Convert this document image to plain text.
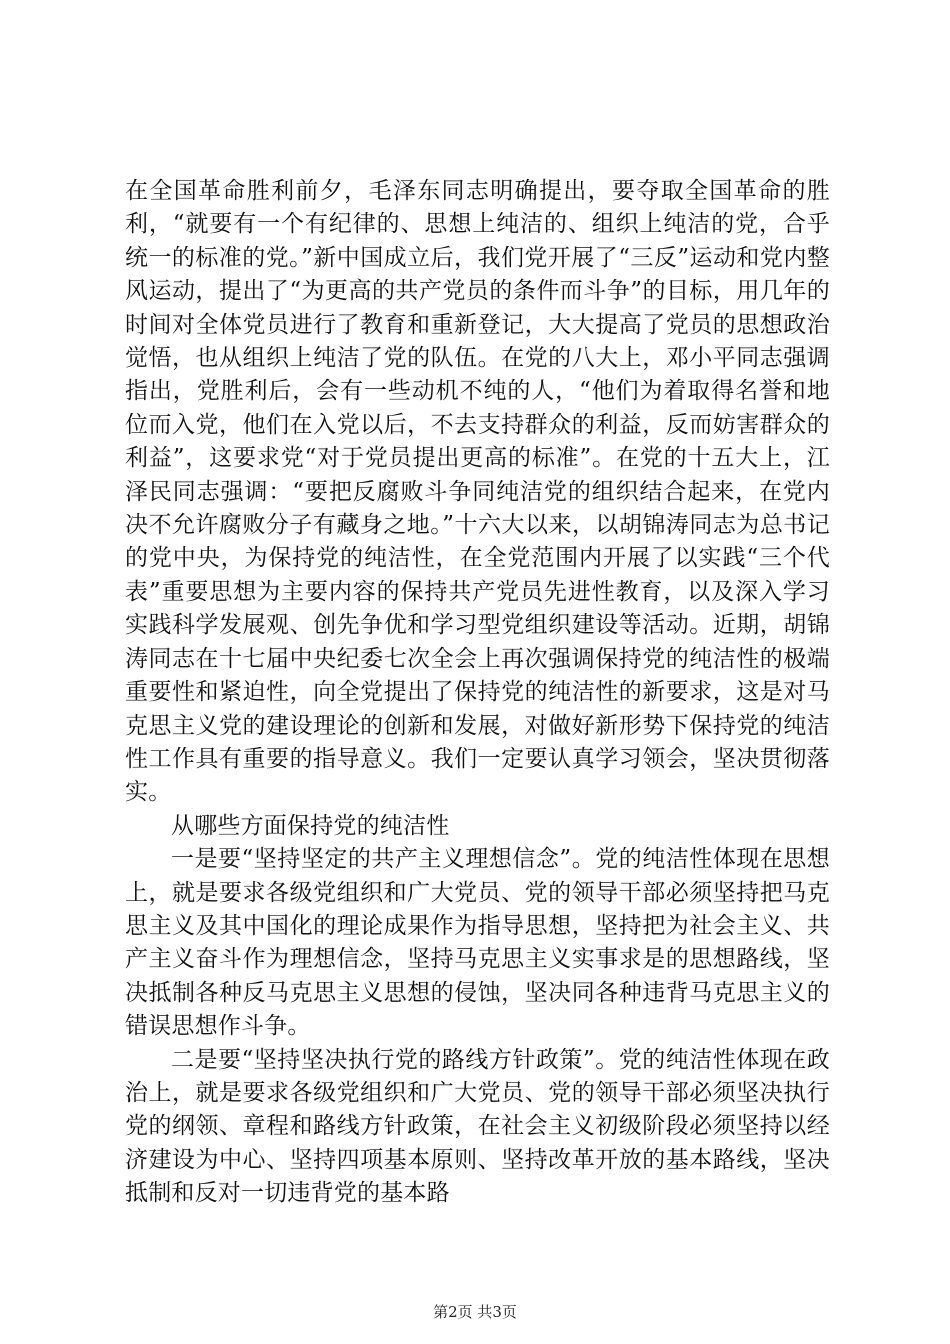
在全国革命胜利前夕，毛泽东同志明确提出，要夺取全国革命的胜利，“就要有一个有纪律的、思想上纯洁的、组织上纯洁的党，合乎统一的标准的党。”新中国成立后，我们党开展了“三反”运动和党内整风运动，提出了“为更高的共产党员的条件而斗争”的目标，用几年的时间对全体党员进行了教育和重新登记，大大提高了党员的思想政治觉悟，也从组织上纯洁了党的队伍。在党的八大上，邓小平同志强调指出，党胜利后，会有一些动机不纯的人，“他们为着取得名誉和地位而入党，他们在入党以后，不去支持群众的利益，反而妨害群众的利益”，这要求党“对于党员提出更高的标准”。在党的十五大上，江泽民同志强调：“要把反腐败斗争同纯洁党的组织结合起来，在党内决不允许腐败分子有藏身之地。”十六大以来，以胡锦涛同志为总书记的党中央，为保持党的纯洁性，在全党范围内开展了以实践“三个代表”重要思想为主要内容的保持共产党员先进性教育，以及深入学习实践科学发展观、创先争优和学习型党组织建设等活动。近期，胡锦涛同志在十七届中央纪委七次全会上再次强调保持党的纯洁性的极端重要性和紧迫性，向全党提出了保持党的纯洁性的新要求，这是对马克思主义党的建设理论的创新和发展，对做好新形势下保持党的纯洁性工作具有重要的指导意义。我们一定要认真学习领会，坚决贯彻落实。

从哪些方面保持党的纯洁性

一是要“坚持坚定的共产主义理想信念”。党的纯洁性体现在思想上，就是要求各级党组织和广大党员、党的领导干部必须坚持把马克思主义及其中国化的理论成果作为指导思想，坚持把为社会主义、共产主义奋斗作为理想信念，坚持马克思主义实事求是的思想路线，坚决抵制各种反马克思主义思想的侵蚀，坚决同各种违背马克思主义的错误思想作斗争。

二是要“坚持坚决执行党的路线方针政策”。党的纯洁性体现在政治上，就是要求各级党组织和广大党员、党的领导干部必须坚决执行党的纲领、章程和路线方针政策，在社会主义初级阶段必须坚持以经济建设为中心、坚持四项基本原则、坚持改革开放的基本路线，坚决抵制和反对一切违背党的基本路

第2页 共3页
